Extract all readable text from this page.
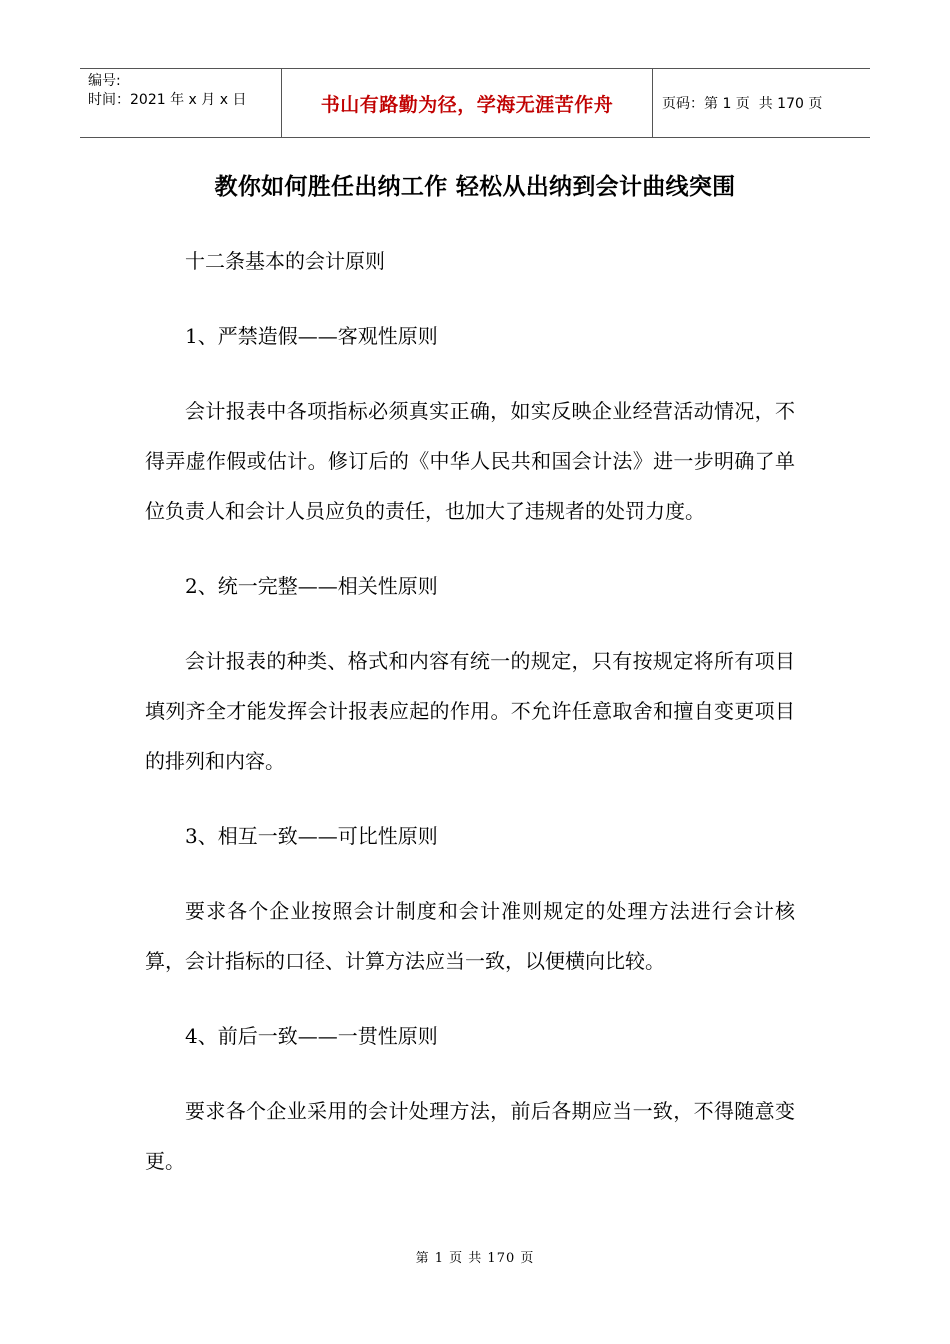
编号:
时间：2021 年 x 月 x 日	书山有路勤为径，学海无涯苦作舟	页码：第 1 页  共 170 页
教你如何胜任出纳工作 轻松从出纳到会计曲线突围

十二条基本的会计原则

1、严禁造假——客观性原则

会计报表中各项指标必须真实正确，如实反映企业经营活动情况，不得弄虚作假或估计。修订后的《中华人民共和国会计法》进一步明确了单位负责人和会计人员应负的责任，也加大了违规者的处罚力度。

2、统一完整——相关性原则

会计报表的种类、格式和内容有统一的规定，只有按规定将所有项目填列齐全才能发挥会计报表应起的作用。不允许任意取舍和擅自变更项目的排列和内容。

3、相互一致——可比性原则

要求各个企业按照会计制度和会计准则规定的处理方法进行会计核算，会计指标的口径、计算方法应当一致，以便横向比较。

4、前后一致——一贯性原则

要求各个企业采用的会计处理方法，前后各期应当一致，不得随意变更。

第 1 页 共 170 页
